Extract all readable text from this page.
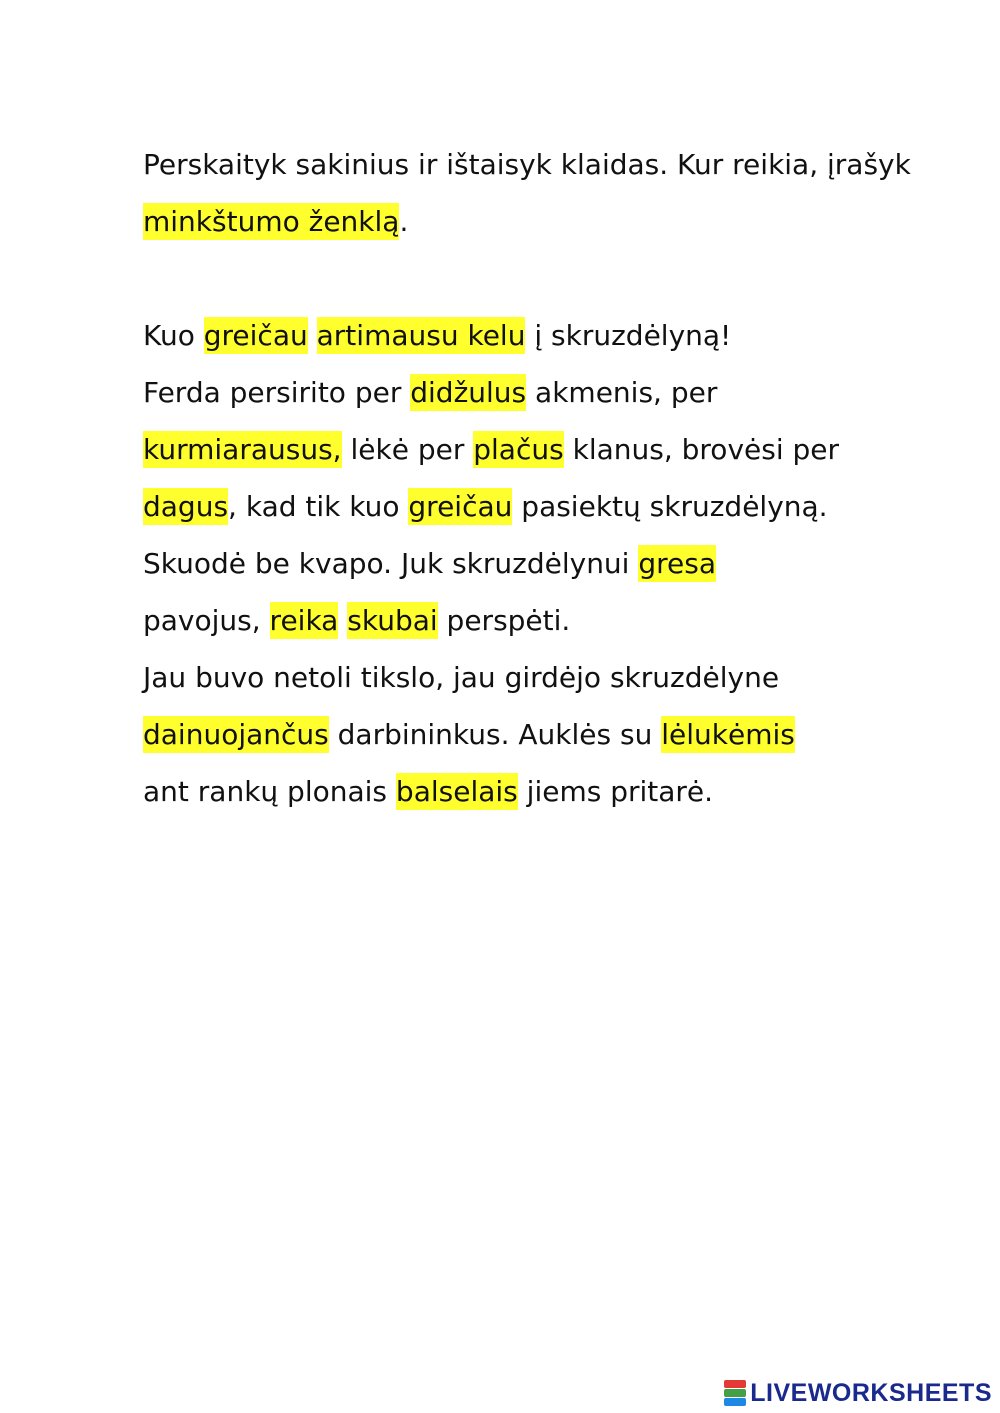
Perskaityk sakinius ir ištaisyk klaidas. Kur reikia, įrašyk
minkštumo ženklą.
Kuo greičau artimausu kelu į skruzdėlyną!
Ferda persirito per didžulus akmenis, per
kurmiarausus, lėkė per plačus klanus, brovėsi per
dagus, kad tik kuo greičau pasiektų skruzdėlyną.
Skuodė be kvapo. Juk skruzdėlynui gresa
pavojus, reika skubai perspėti.
Jau buvo netoli tikslo, jau girdėjo skruzdėlyne
dainuojančus darbininkus. Auklės su lėlukėmis
ant rankų plonais balselais jiems pritarė.
LIVEWORKSHEETS
